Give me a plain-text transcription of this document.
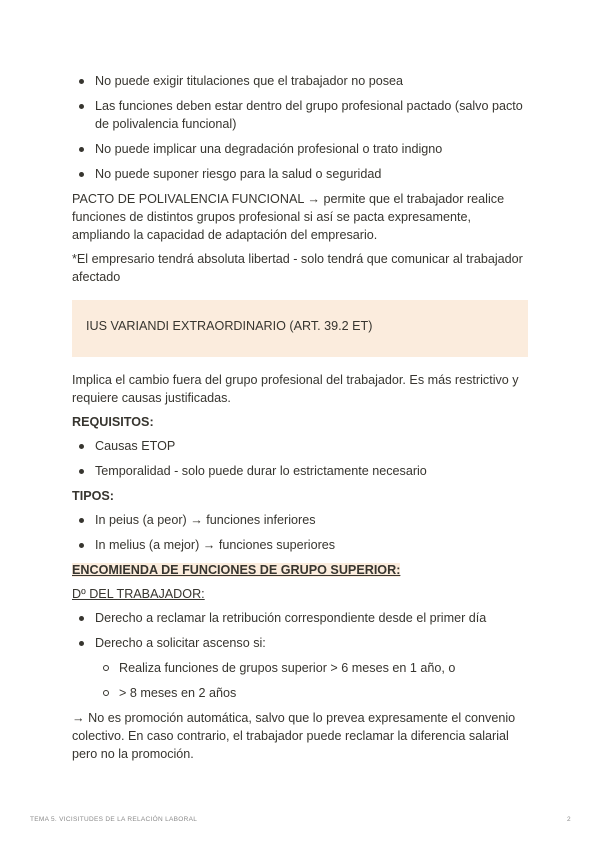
No puede exigir titulaciones que el trabajador no posea
Las funciones deben estar dentro del grupo profesional pactado (salvo pacto de polivalencia funcional)
No puede implicar una degradación profesional o trato indigno
No puede suponer riesgo para la salud o seguridad

PACTO DE POLIVALENCIA FUNCIONAL → permite que el trabajador realice funciones de distintos grupos profesional si así se pacta expresamente, ampliando la capacidad de adaptación del empresario.

*El empresario tendrá absoluta libertad - solo tendrá que comunicar al trabajador afectado

IUS VARIANDI EXTRAORDINARIO (ART. 39.2 ET)

Implica el cambio fuera del grupo profesional del trabajador. Es más restrictivo y requiere causas justificadas.

REQUISITOS:

Causas ETOP
Temporalidad - solo puede durar lo estrictamente necesario

TIPOS:

In peius (a peor) → funciones inferiores
In melius (a mejor) → funciones superiores

ENCOMIENDA DE FUNCIONES DE GRUPO SUPERIOR:

Dº DEL TRABAJADOR:

Derecho a reclamar la retribución correspondiente desde el primer día
Derecho a solicitar ascenso si:
Realiza funciones de grupos superior > 6 meses en 1 año, o
> 8 meses en 2 años

→ No es promoción automática, salvo que lo prevea expresamente el convenio colectivo. En caso contrario, el trabajador puede reclamar la diferencia salarial pero no la promoción.

TEMA 5. VICISITUDES DE LA RELACIÓN LABORAL	2
